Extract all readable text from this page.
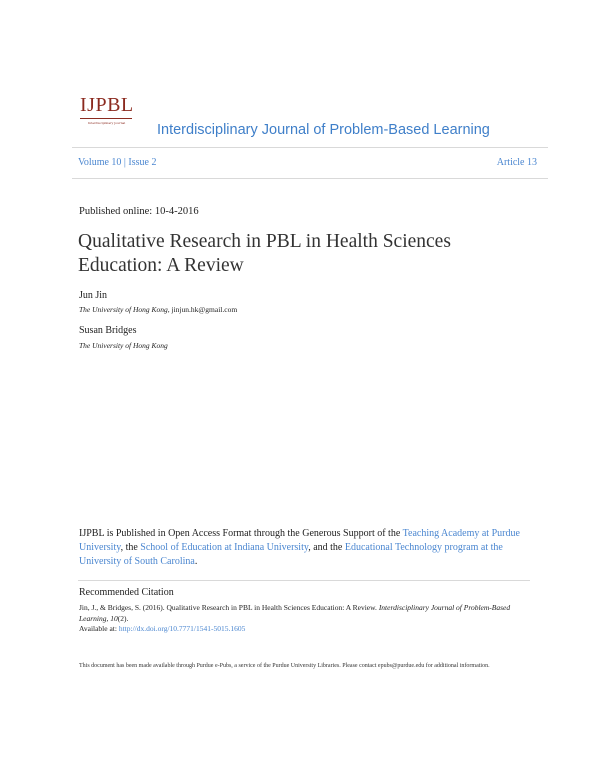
IJPBL
Interdisciplinary Journal Interdisciplinary Journal of Problem-Based Learning
Volume 10 | Issue 2	Article 13
Published online: 10-4-2016
Qualitative Research in PBL in Health Sciences Education: A Review
Jun Jin
The University of Hong Kong, jinjun.hk@gmail.com
Susan Bridges
The University of Hong Kong
IJPBL is Published in Open Access Format through the Generous Support of the Teaching Academy at Purdue University, the School of Education at Indiana University, and the Educational Technology program at the University of South Carolina.
Recommended Citation
Jin, J., & Bridges, S. (2016). Qualitative Research in PBL in Health Sciences Education: A Review. Interdisciplinary Journal of Problem-Based Learning, 10(2).
Available at: http://dx.doi.org/10.7771/1541-5015.1605
This document has been made available through Purdue e-Pubs, a service of the Purdue University Libraries. Please contact epubs@purdue.edu for additional information.
